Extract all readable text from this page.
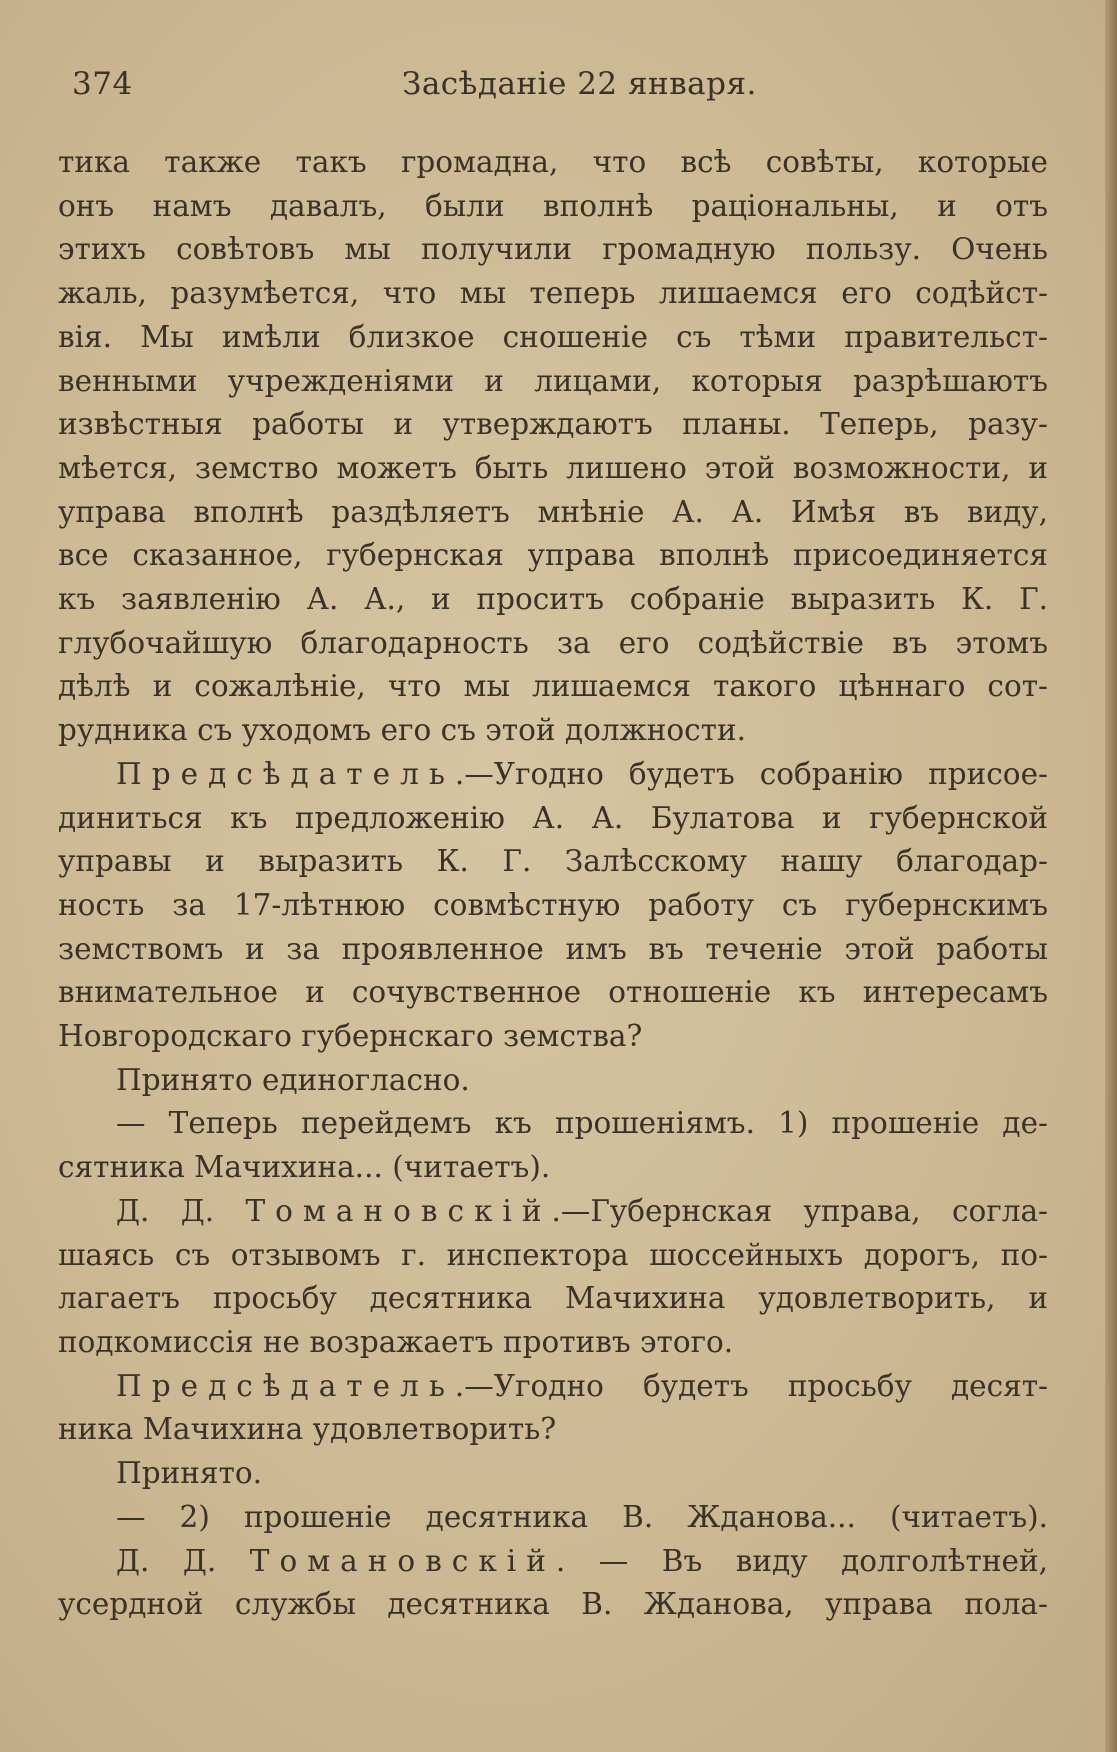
374	Засѣданіе 22 января.
тика также такъ громадна, что всѣ совѣты, которые
онъ намъ давалъ, были вполнѣ раціональны, и отъ
этихъ совѣтовъ мы получили громадную пользу. Очень
жаль, разумѣется, что мы теперь лишаемся его содѣйст-
вія. Мы имѣли близкое сношеніе съ тѣми правительст-
венными учрежденіями и лицами, которыя разрѣшаютъ
извѣстныя работы и утверждаютъ планы. Теперь, разу-
мѣется, земство можетъ быть лишено этой возможности, и
управа вполнѣ раздѣляетъ мнѣніе А. А. Имѣя въ виду,
все сказанное, губернская управа вполнѣ присоединяется
къ заявленію А. А., и проситъ собраніе выразить К. Г.
глубочайшую благодарность за его содѣйствіе въ этомъ
дѣлѣ и сожалѣніе, что мы лишаемся такого цѣннаго сот-
рудника съ уходомъ его съ этой должности.
Предсѣдатель.—Угодно будетъ собранію присое-
диниться къ предложенію А. А. Булатова и губернской
управы и выразить К. Г. Залѣсскому нашу благодар-
ность за 17-лѣтнюю совмѣстную работу съ губернскимъ
земствомъ и за проявленное имъ въ теченіе этой работы
внимательное и сочувственное отношеніе къ интересамъ
Новгородскаго губернскаго земства?
Принято единогласно.
— Теперь перейдемъ къ прошеніямъ. 1) прошеніе де-
сятника Мачихина... (читаетъ).
Д. Д. Томановскій.—Губернская управа, согла-
шаясь съ отзывомъ г. инспектора шоссейныхъ дорогъ, по-
лагаетъ просьбу десятника Мачихина удовлетворить, и
подкомиссія не возражаетъ противъ этого.
Предсѣдатель.—Угодно будетъ просьбу десят-
ника Мачихина удовлетворить?
Принято.
— 2) прошеніе десятника В. Жданова... (читаетъ).
Д. Д. Томановскій. — Въ виду долголѣтней,
усердной службы десятника В. Жданова, управа пола-
